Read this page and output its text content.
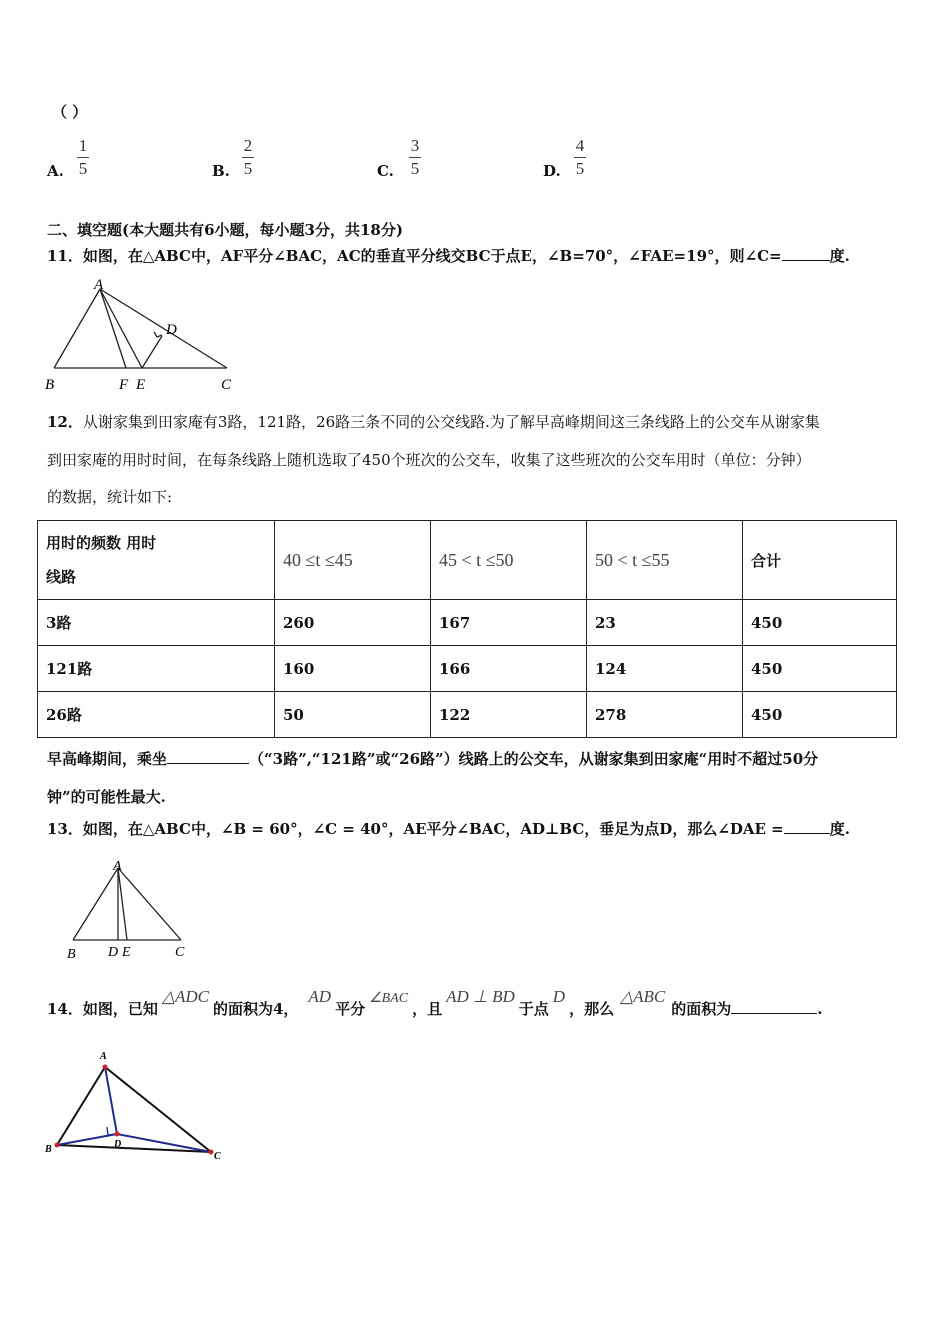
（ ）
A.
1
5	B.
2
5	C.
3
5	D.
4
5
二、填空题(本大题共有6小题，每小题3分，共18分)
11．如图，在△ABC中，AF平分∠BAC，AC的垂直平分线交BC于点E，∠B=70°，∠FAE=19°，则∠C=	度.
A
D
B	F E	C
12．从谢家集到田家庵有3路，121路，26路三条不同的公交线路.为了解早高峰期间这三条线路上的公交车从谢家集
到田家庵的用时时间，在每条线路上随机选取了450个班次的公交车，收集了这些班次的公交车用时（单位：分钟）
的数据，统计如下:
用时的频数 用时
线路	40 ≤t ≤45	45 < t ≤50	50 < t ≤55	合计
3路	260	167	23	450
121路	160	166	124	450
26路	50	122	278	450
早高峰期间，乘坐	（“3路”,“121路”或“26路”）线路上的公交车，从谢家集到田家庵“用时不超过50分
钟”的可能性最大.
13．如图，在△ABC中，∠B = 60°，∠C = 40°，AE平分∠BAC，AD⊥BC，垂足为点D，那么∠DAE =	度.
A
B D E	C
14．如图，已知△ADC的面积为4，AD平分∠BAC，且AD ⊥ BD于点D，那么△ABC的面积为	.
A
B	D
C
